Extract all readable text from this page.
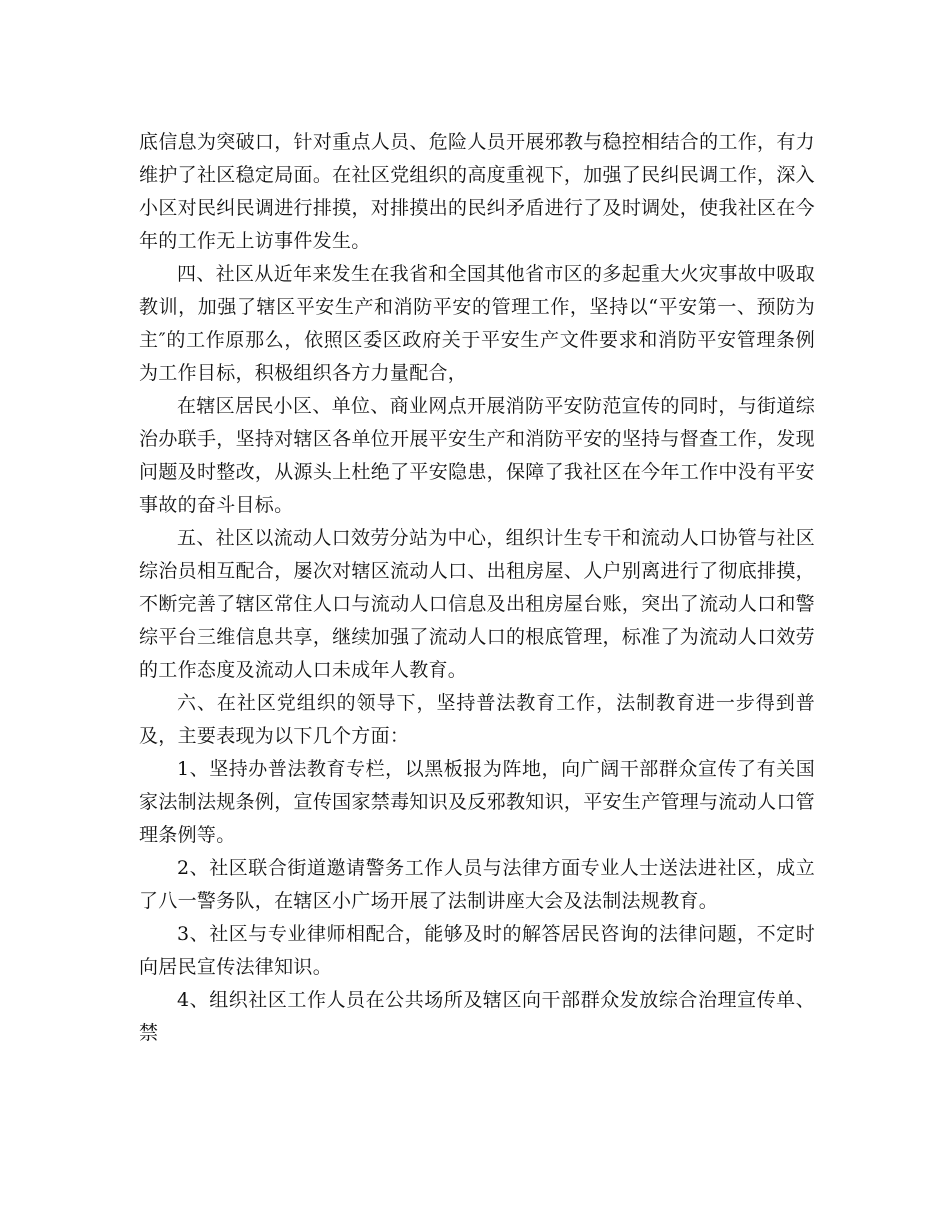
底信息为突破口，针对重点人员、危险人员开展邪教与稳控相结合的工作，有力维护了社区稳定局面。在社区党组织的高度重视下，加强了民纠民调工作，深入小区对民纠民调进行排摸，对排摸出的民纠矛盾进行了及时调处，使我社区在今年的工作无上访事件发生。

四、社区从近年来发生在我省和全国其他省市区的多起重大火灾事故中吸取教训，加强了辖区平安生产和消防平安的管理工作，坚持以“平安第一、预防为主″的工作原那么，依照区委区政府关于平安生产文件要求和消防平安管理条例为工作目标，积极组织各方力量配合，

在辖区居民小区、单位、商业网点开展消防平安防范宣传的同时，与街道综治办联手，坚持对辖区各单位开展平安生产和消防平安的坚持与督查工作，发现问题及时整改，从源头上杜绝了平安隐患，保障了我社区在今年工作中没有平安事故的奋斗目标。

五、社区以流动人口效劳分站为中心，组织计生专干和流动人口协管与社区综治员相互配合，屡次对辖区流动人口、出租房屋、人户别离进行了彻底排摸，不断完善了辖区常住人口与流动人口信息及出租房屋台账，突出了流动人口和警综平台三维信息共享，继续加强了流动人口的根底管理，标准了为流动人口效劳的工作态度及流动人口未成年人教育。

六、在社区党组织的领导下，坚持普法教育工作，法制教育进一步得到普及，主要表现为以下几个方面：

1、坚持办普法教育专栏，以黑板报为阵地，向广阔干部群众宣传了有关国家法制法规条例，宣传国家禁毒知识及反邪教知识，平安生产管理与流动人口管理条例等。

2、社区联合街道邀请警务工作人员与法律方面专业人士送法进社区，成立了八一警务队，在辖区小广场开展了法制讲座大会及法制法规教育。

3、社区与专业律师相配合，能够及时的解答居民咨询的法律问题，不定时向居民宣传法律知识。

4、组织社区工作人员在公共场所及辖区向干部群众发放综合治理宣传单、禁
